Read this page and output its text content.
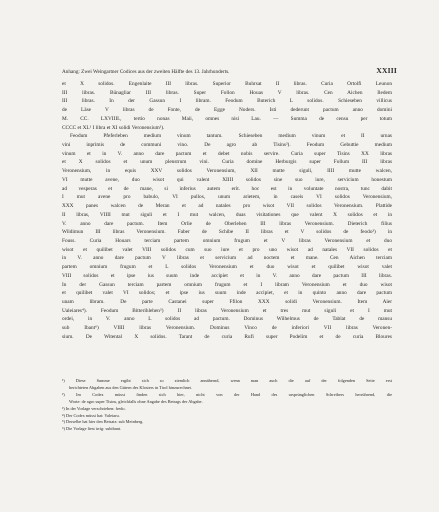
Anhang: Zwei Weingartner Codices aus der zweiten Hälfte des 13. Jahrhunderts.	XXIII
et X solidos. Engenlaite III libras. Superior Buhrsat II libras. Curia Ortolfi Leunon
III libras. Bünagliar III libras. Super Follon Houas V libras. Cen Aichen Iledem
III libras. In der Gassun I libram. Feodum Buterich L solidos. Schieseben villicus
de Läse V libras de Fonte, de Egge Noders. Isti dederunt pactum anno domini
M. CC. LXVIIII., tertio nonas Maii, omnes nisi Lau. — Summa de censu per totum
CCCC et XL¹ I libra et XI solidi Veronensium¹).
Feodum Pfeferleben medium vinum tantum. Schieseben medium vinum et II urnas
vini inprimis de communi vino. De agro ab Tisins²). Feodum Gebuttie medium
vinum et in V. anno dare pactum et debet nobis servire. Curia super Tisins XX libras
et X solidos et unum plenstrum vini. Curia domine Herburgis super Follum III libras
Veronensium, in equis XXV solidos Veronensium, XII mutte siguli, IIII mutte walcen,
VI mutte avene, duo wisot qui valent XIIII solidos sine suo iure, servicium honestum
ad vesperas et de mane, si inferius autem erit. hoc est in voluntate nostra, tunc dabit
I mut avene pro babulo, VI pullos, unum arietem, in caseis VI solidos Veronensium,
XXX panes walcen de Meran et ad natales pro wisot VII solidos Veronensium. Plattide
II libras, VIIII mut siguli et I mut walcen, duas visitationes que valent X solidos et in
V. anno dare pactum. Item Orlie de Oberlehen III libras Veronensium. Dieterich filius
Wildimun III libras Veronensium. Faber de Schibe II libras et V solidos de feodo³) in
Fouss. Curia Houars terciam partem omnium frugum et V libras Veronensium et duo
wisot et quilibet valet VIII solidos cum suo iure et pro uno wisot ad natales VII solidos et
in V. anno dare pactum V libras et servicium ad noctem et mane. Cen Aichen terciam
partem omnium frugum et L solidos Veronensium et duo wisot et quilibet wisot valet
VIII solidos et ipse ius suum inde accipiet et in V. anno dare pactum III libras.
In der Gassun terciam partem omnium frugum et I libram Veronensium et duo wisot
et quilibet valet VI solidos; et ipse ius suum inde accipiet, et in quinto anno dare pactum
unam libram. De parte Castanei super Ffilon XXX solidi Veronensium. Item Aier
Ualeiares⁴). Feodum Bitterihlehen⁵) II libras Veronensium et tres mut siguli et I mut
ordei, in V. anno L solidos ad pactum. Dominus Wilhelmus de Tablat de mansu
sub Ibant⁶) VIIII libras Veronensium. Dominus Vinco de inferiori VII libras Veronen-
sium. De Witental X solidos. Tarant de curia Rufi super Podelim et de curia Bloures
¹) Diese Summe ergibt sich so ziemlich annähernd, wenn man auch die auf der folgenden Seite erst
berichteten Abgaben aus den Gütern des Klosters in Tirol hinzurechnet.
²) Im Codex müsst finden sich hier, nicht von der Hand des ursprünglichen Schreibers herrührend, die
Worte: de agro super Tisins, gleichfalls ohne Angabe des Betrags der Abgabe.
³) In der Vorlage verschrieben: fredo.
⁴) Der Codex müsst hat: Valeiaru.
⁵) Derselbe hat hier den Beisatz: sub Meinberg.
⁶) Die Vorlage liest irrig: subibant.
